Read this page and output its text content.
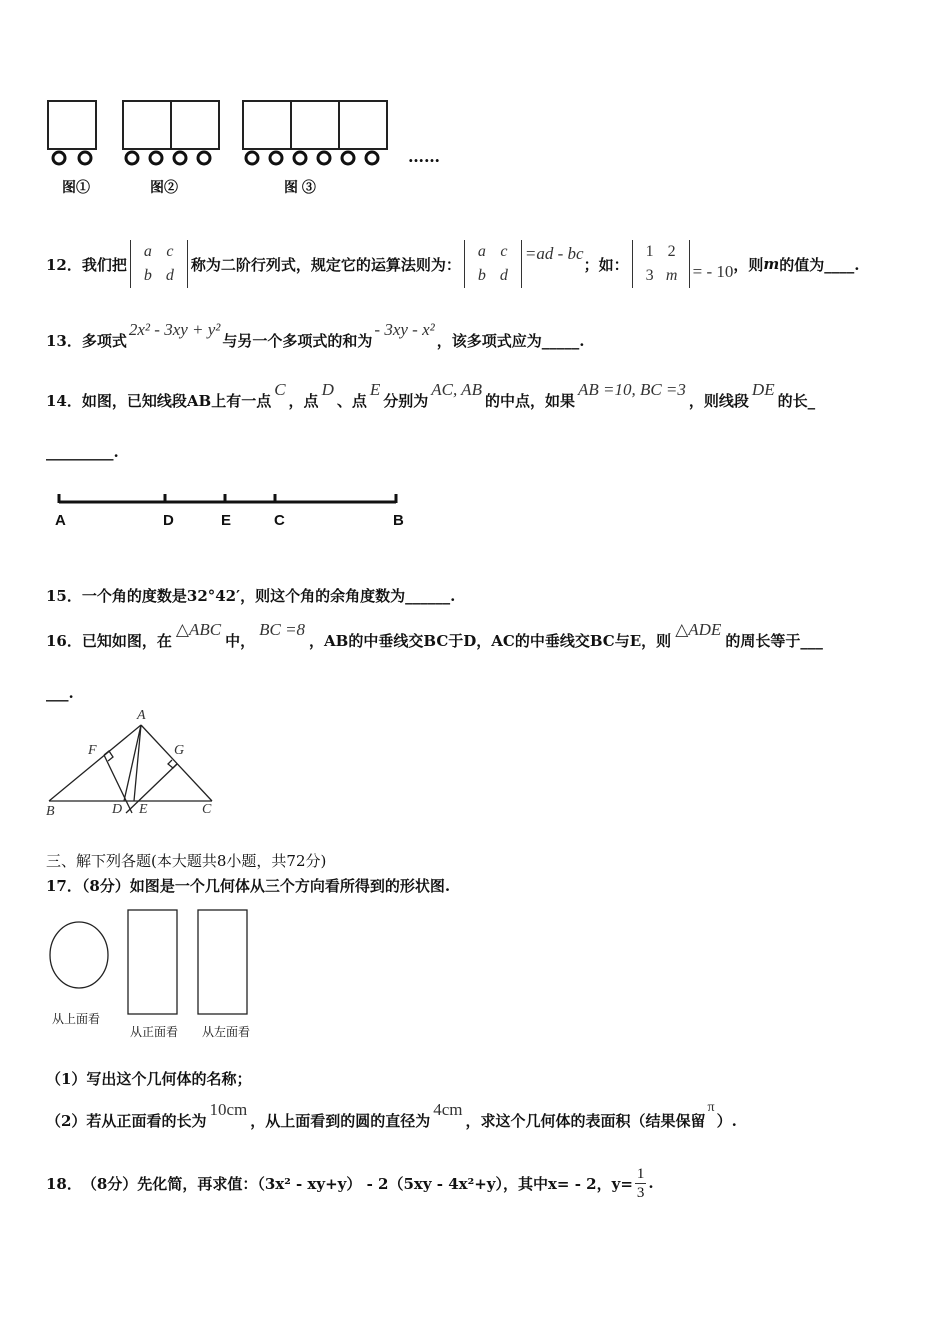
……
图①	图②	图 ③
12． 我们把
a c
b d
称为二阶行列式，规定它的运算法则为：
a c
b d
=ad - bc
；如：
1 2
3 m = - 10 ，则 m 的值为____.
13． 多项式
2x² - 3xy + y²
与另一个多项式的和为
- 3xy - x²
，该多项式应为_____.
14． 如图，已知线段AB上有一点
C
，点
D
、点
E
分别为
AC, AB
的中点，如果
AB =10, BC =3
，则线段
DE
的长_
_________.
A	D	E	C	B
15．一个角的度数是32°42′，则这个角的余角度数为______.
16． 已知如图，在
△ABC
中，
BC =8
，AB的中垂线交BC于D，AC的中垂线交BC与E，则
△ADE
的周长等于___
___.
A
F	G
B	D E	C
三、解下列各题(本大题共8小题，共72分)
17．（8分）如图是一个几何体从三个方向看所得到的形状图.
从上面看
从正面看 从左面看
（1）写出这个几何体的名称；
（2）若从正面看的长为
10cm
，从上面看到的圆的直径为
4cm
，求这个几何体的表面积（结果保留
π
）.
18． （8分）先化简，再求值：（3x² - xy+y） - 2（5xy - 4x²+y），其中x= - 2，$y= \frac{1}{3}$ .
